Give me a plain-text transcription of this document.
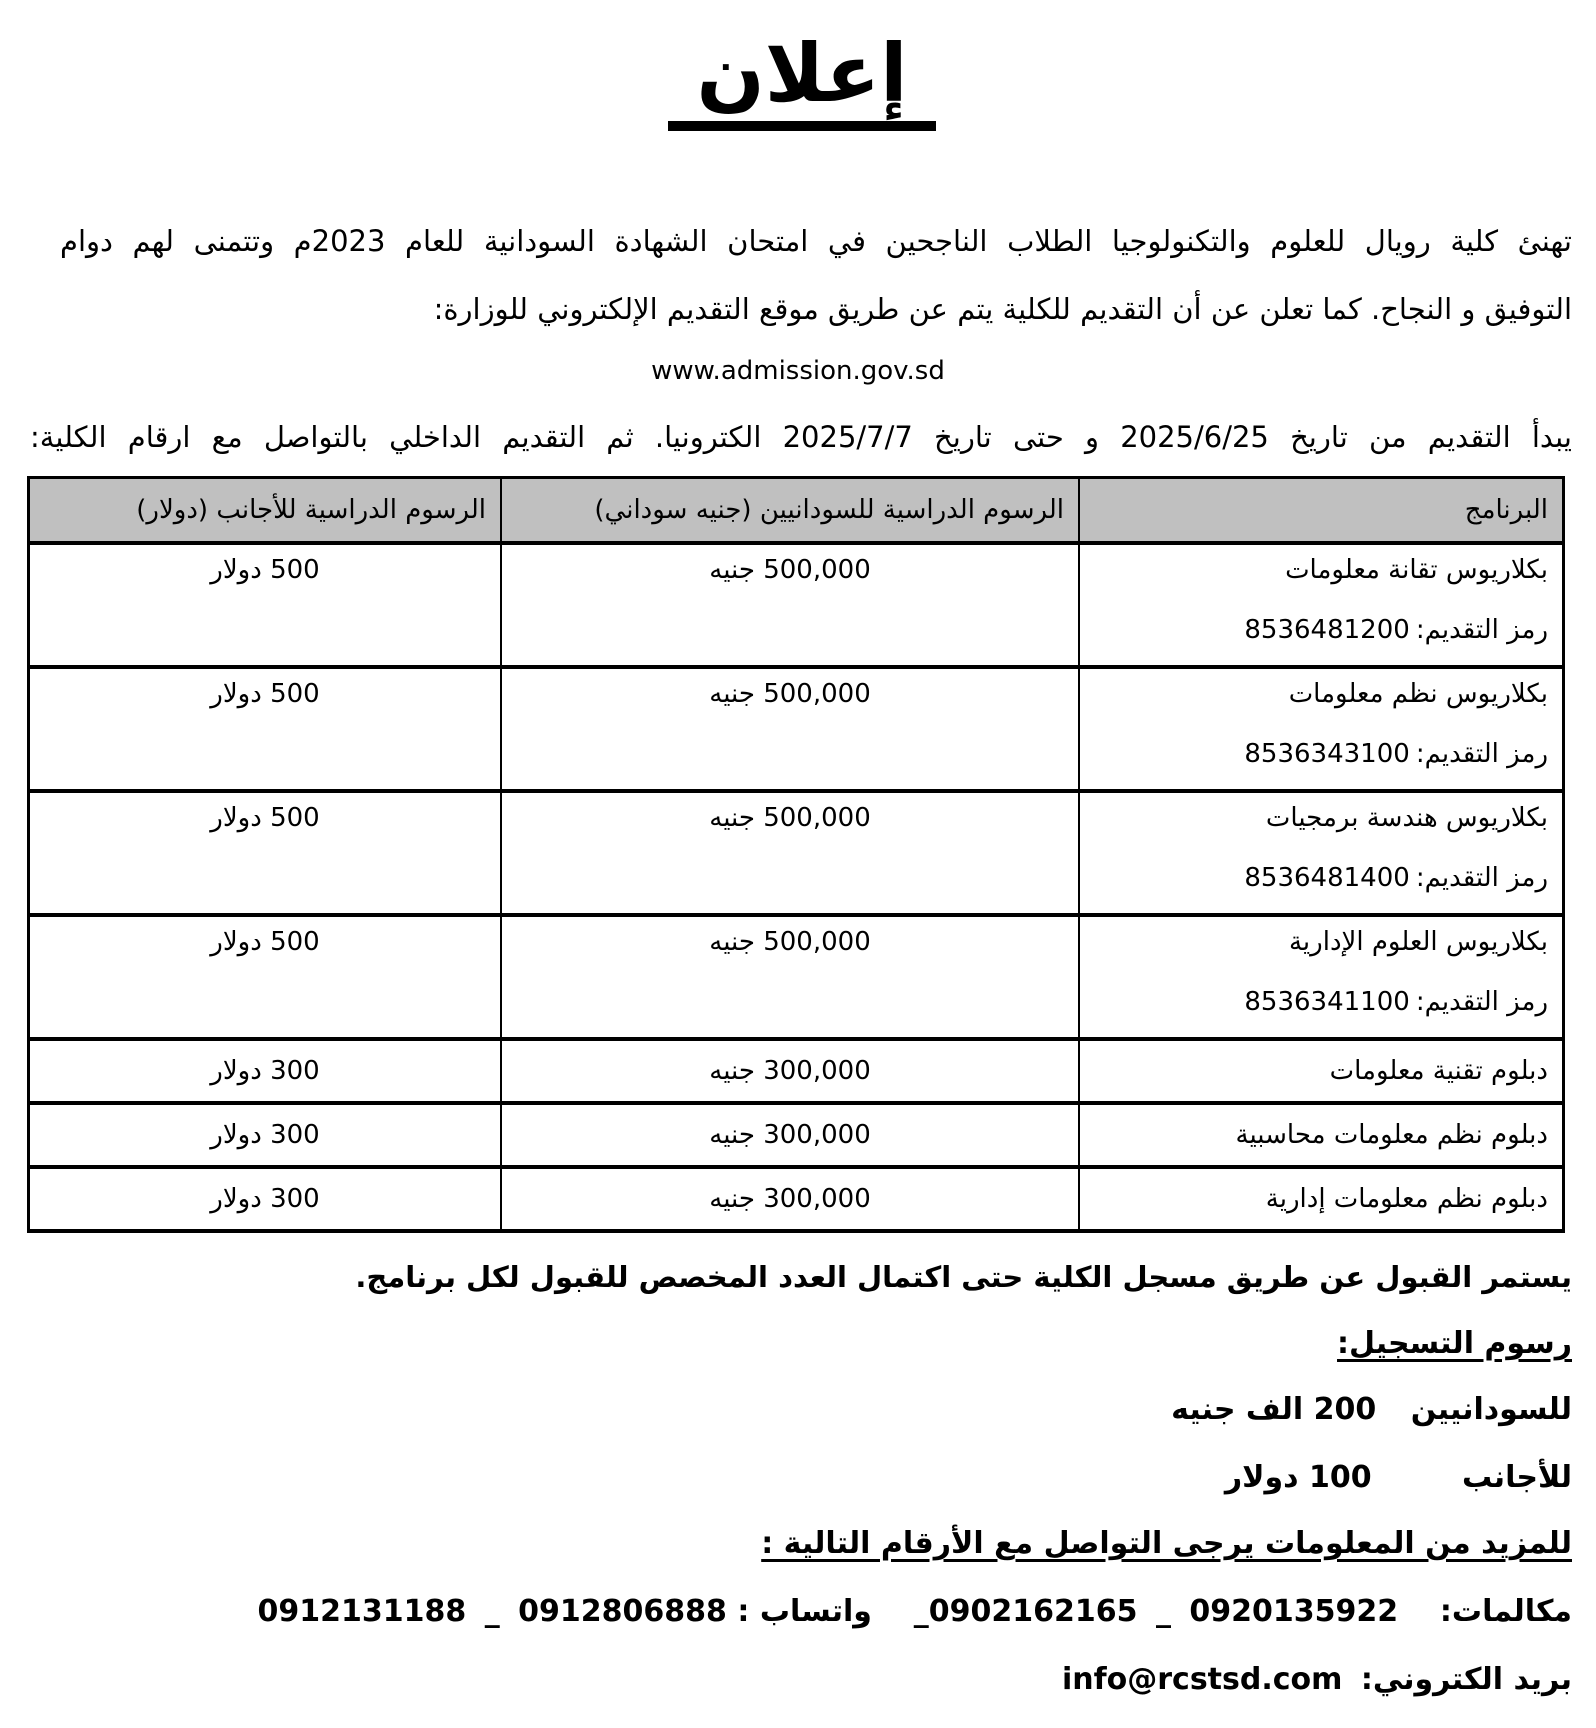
إعلان
تهنئ كلية رويال للعلوم والتكنولوجيا الطلاب الناجحين في امتحان الشهادة السودانية للعام 2023م وتتمنى لهم دوام
التوفيق و النجاح. كما تعلن عن أن التقديم للكلية يتم عن طريق موقع التقديم الإلكتروني للوزارة:
www.admission.gov.sd
يبدأ التقديم من تاريخ 2025/6/25 و حتى تاريخ 2025/7/7 الكترونيا. ثم التقديم الداخلي بالتواصل مع ارقام الكلية:
البرنامج	الرسوم الدراسية للسودانيين (جنيه سوداني)	الرسوم الدراسية للأجانب (دولار)

بكلاريوس تقانة معلومات
رمز التقديم:8536481200	500,000 جنيه	500 دولار

بكلاريوس نظم معلومات
رمز التقديم:8536343100	500,000 جنيه	500 دولار

بكلاريوس هندسة برمجيات
رمز التقديم:8536481400	500,000 جنيه	500 دولار

بكلاريوس العلوم الإدارية
رمز التقديم:8536341100	500,000 جنيه	500 دولار

دبلوم تقنية معلومات	300,000 جنيه	300 دولار

دبلوم نظم معلومات محاسبية	300,000 جنيه	300 دولار

دبلوم نظم معلومات إدارية	300,000 جنيه	300 دولار
يستمر القبول عن طريق مسجل الكلية حتى اكتمال العدد المخصص للقبول لكل برنامج.
رسوم التسجيل:
للسودانيين 200 الف جنيه
للأجانب 100 دولار
للمزيد من المعلومات يرجى التواصل مع الأرقام التالية :
مكالمات:    0902162165 _ 0920135922_    واتساب : 0912131188 _ 0912806888
بريد الكتروني: info@rcstsd.com
